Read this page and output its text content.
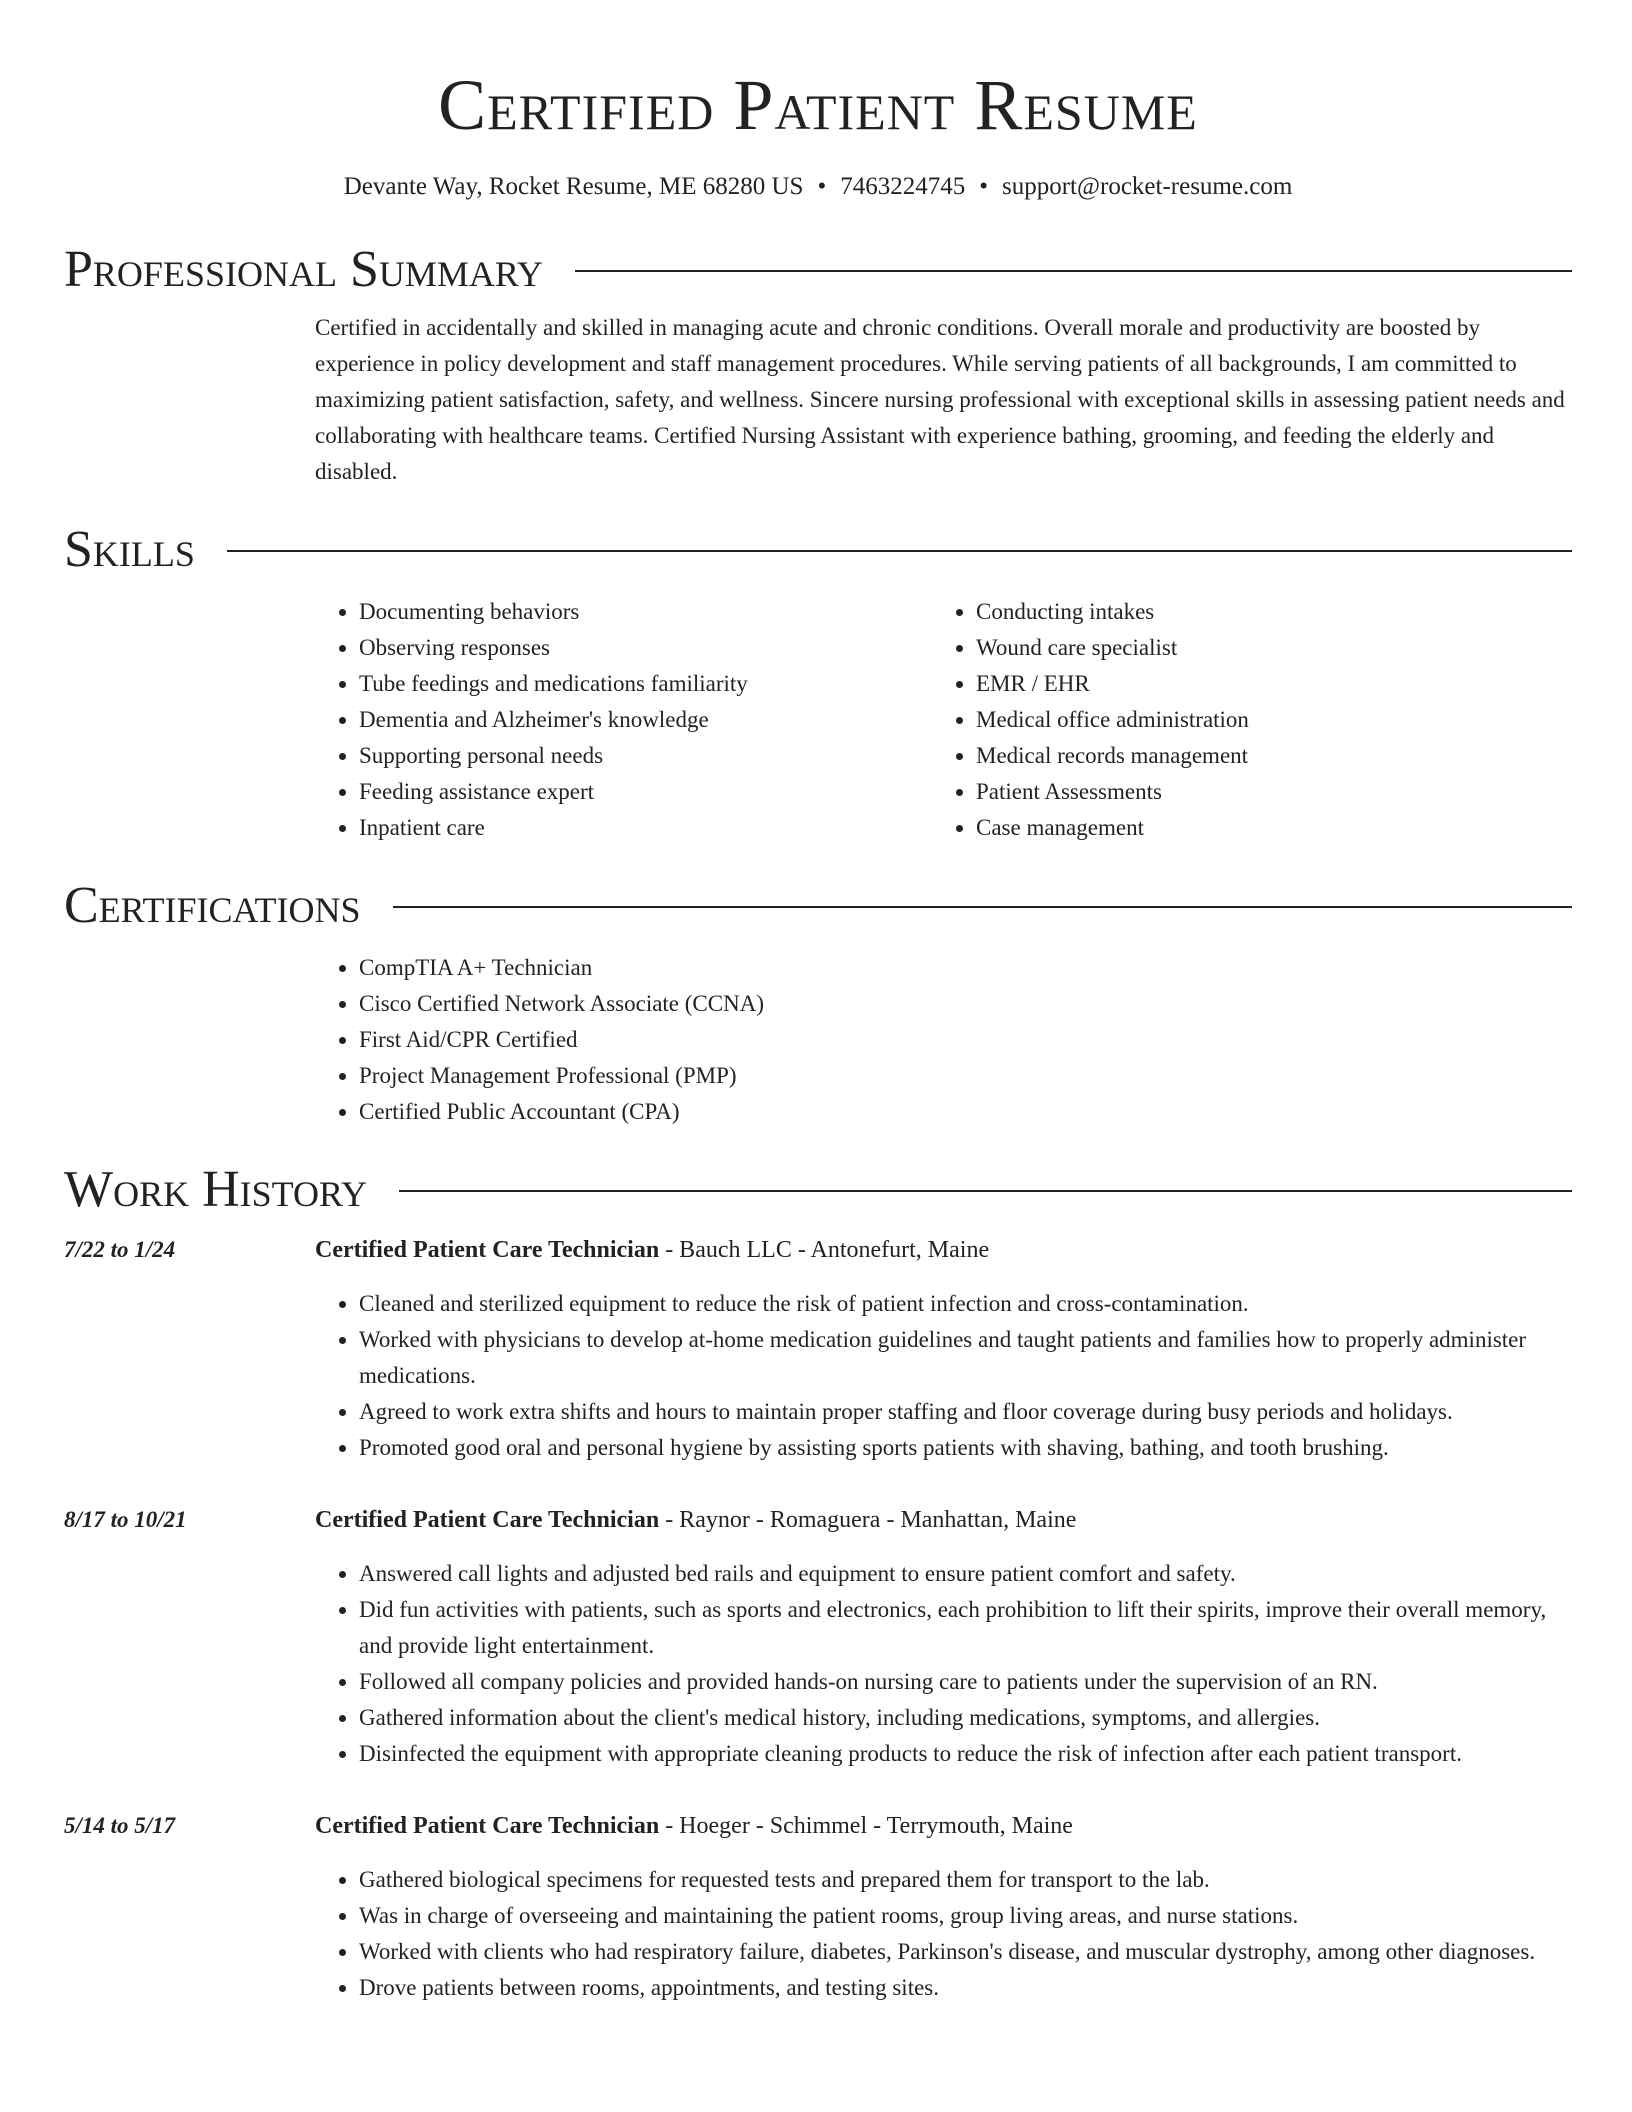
Certified Patient Resume
Devante Way, Rocket Resume, ME 68280 US • 7463224745 • support@rocket-resume.com
Professional Summary

Certified in accidentally and skilled in managing acute and chronic conditions. Overall morale and productivity are boosted by experience in policy development and staff management procedures. While serving patients of all backgrounds, I am committed to maximizing patient satisfaction, safety, and wellness. Sincere nursing professional with exceptional skills in assessing patient needs and collaborating with healthcare teams. Certified Nursing Assistant with experience bathing, grooming, and feeding the elderly and disabled.

Skills
• Documenting behaviors
• Observing responses
• Tube feedings and medications familiarity
• Dementia and Alzheimer's knowledge
• Supporting personal needs
• Feeding assistance expert
• Inpatient care
• Conducting intakes
• Wound care specialist
• EMR / EHR
• Medical office administration
• Medical records management
• Patient Assessments
• Case management
Certifications
• CompTIA A+ Technician
• Cisco Certified Network Associate (CCNA)
• First Aid/CPR Certified
• Project Management Professional (PMP)
• Certified Public Accountant (CPA)
Work History
7/22 to 1/24	Certified Patient Care Technician - Bauch LLC - Antonefurt, Maine
• Cleaned and sterilized equipment to reduce the risk of patient infection and cross-contamination.
• Worked with physicians to develop at-home medication guidelines and taught patients and families how to properly administer medications.
• Agreed to work extra shifts and hours to maintain proper staffing and floor coverage during busy periods and holidays.
• Promoted good oral and personal hygiene by assisting sports patients with shaving, bathing, and tooth brushing.
8/17 to 10/21	Certified Patient Care Technician - Raynor - Romaguera - Manhattan, Maine
• Answered call lights and adjusted bed rails and equipment to ensure patient comfort and safety.
• Did fun activities with patients, such as sports and electronics, each prohibition to lift their spirits, improve their overall memory, and provide light entertainment.
• Followed all company policies and provided hands-on nursing care to patients under the supervision of an RN.
• Gathered information about the client's medical history, including medications, symptoms, and allergies.
• Disinfected the equipment with appropriate cleaning products to reduce the risk of infection after each patient transport.
5/14 to 5/17	Certified Patient Care Technician - Hoeger - Schimmel - Terrymouth, Maine
• Gathered biological specimens for requested tests and prepared them for transport to the lab.
• Was in charge of overseeing and maintaining the patient rooms, group living areas, and nurse stations.
• Worked with clients who had respiratory failure, diabetes, Parkinson's disease, and muscular dystrophy, among other diagnoses.
• Drove patients between rooms, appointments, and testing sites.
